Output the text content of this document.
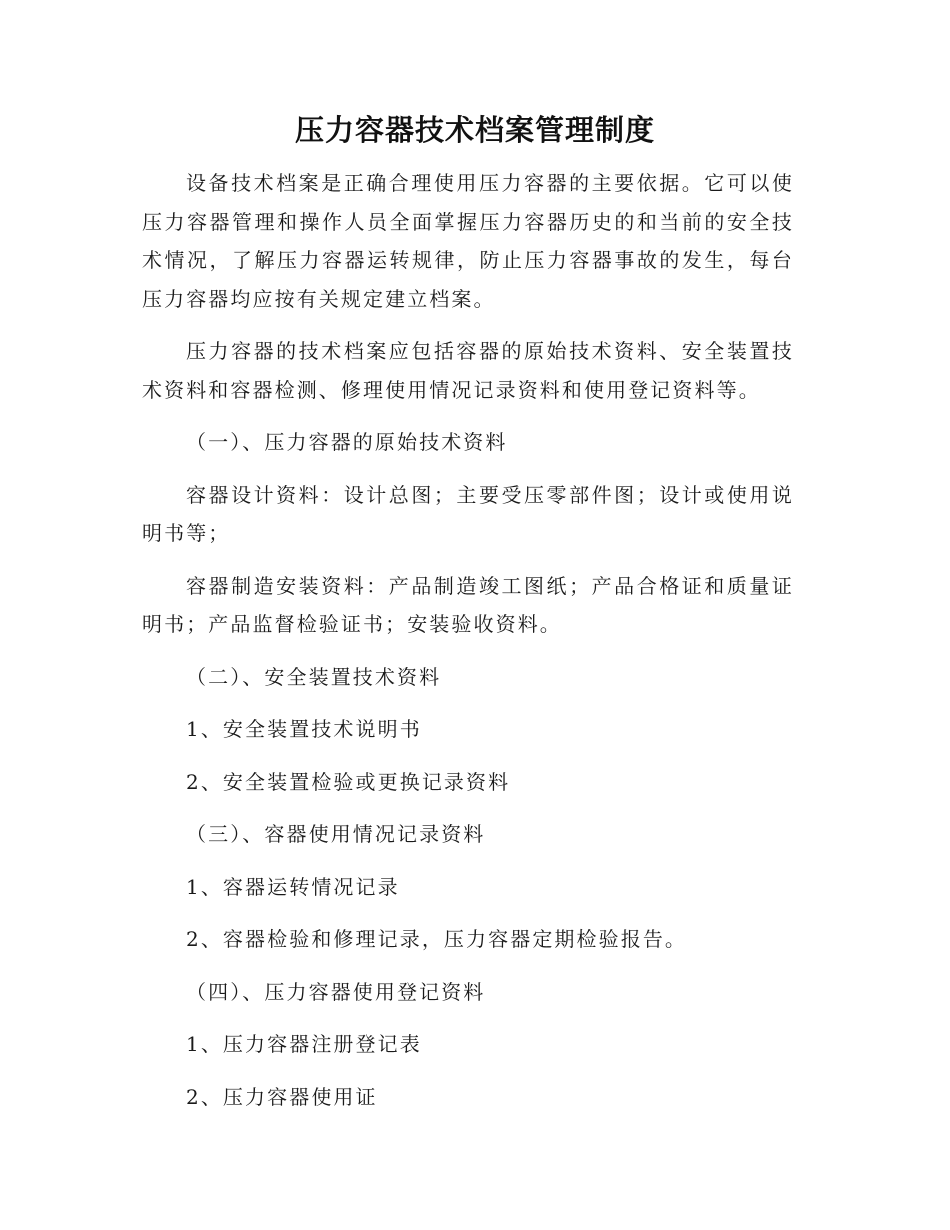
压力容器技术档案管理制度

设备技术档案是正确合理使用压力容器的主要依据。它可以使压力容器管理和操作人员全面掌握压力容器历史的和当前的安全技术情况，了解压力容器运转规律，防止压力容器事故的发生，每台压力容器均应按有关规定建立档案。

压力容器的技术档案应包括容器的原始技术资料、安全装置技术资料和容器检测、修理使用情况记录资料和使用登记资料等。

（一）、压力容器的原始技术资料

容器设计资料：设计总图；主要受压零部件图；设计或使用说明书等；

容器制造安装资料：产品制造竣工图纸；产品合格证和质量证明书；产品监督检验证书；安装验收资料。

（二）、安全装置技术资料

1、安全装置技术说明书

2、安全装置检验或更换记录资料

（三）、容器使用情况记录资料

1、容器运转情况记录

2、容器检验和修理记录，压力容器定期检验报告。

（四）、压力容器使用登记资料

1、压力容器注册登记表

2、压力容器使用证
